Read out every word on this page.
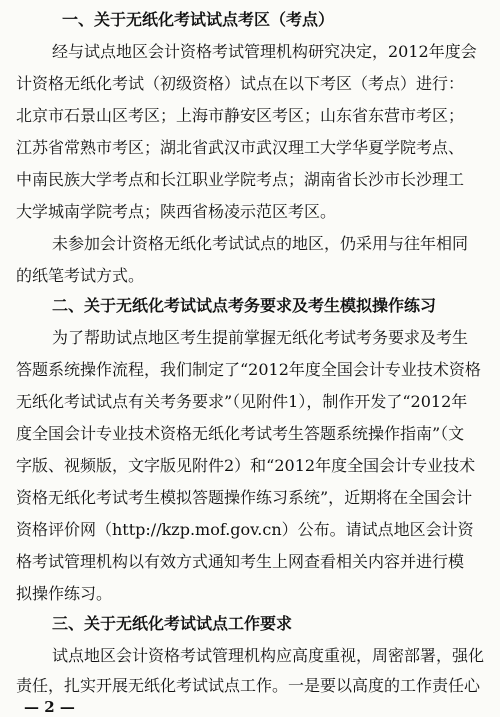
一、关于无纸化考试试点考区（考点）
经与试点地区会计资格考试管理机构研究决定，2012年度会
计资格无纸化考试（初级资格）试点在以下考区（考点）进行：
北京市石景山区考区；上海市静安区考区；山东省东营市考区；
江苏省常熟市考区；湖北省武汉市武汉理工大学华夏学院考点、
中南民族大学考点和长江职业学院考点；湖南省长沙市长沙理工
大学城南学院考点；陕西省杨凌示范区考区。
未参加会计资格无纸化考试试点的地区，仍采用与往年相同
的纸笔考试方式。
二、关于无纸化考试试点考务要求及考生模拟操作练习
为了帮助试点地区考生提前掌握无纸化考试考务要求及考生
答题系统操作流程，我们制定了“2012年度全国会计专业技术资格
无纸化考试试点有关考务要求”（见附件1），制作开发了“2012年
度全国会计专业技术资格无纸化考试考生答题系统操作指南”（文
字版、视频版，文字版见附件2）和“2012年度全国会计专业技术
资格无纸化考试考生模拟答题操作练习系统”，近期将在全国会计
资格评价网（http://kzp.mof.gov.cn）公布。请试点地区会计资
格考试管理机构以有效方式通知考生上网查看相关内容并进行模
拟操作练习。
三、关于无纸化考试试点工作要求
试点地区会计资格考试管理机构应高度重视，周密部署，强化
责任，扎实开展无纸化考试试点工作。一是要以高度的工作责任心
— 2 —
